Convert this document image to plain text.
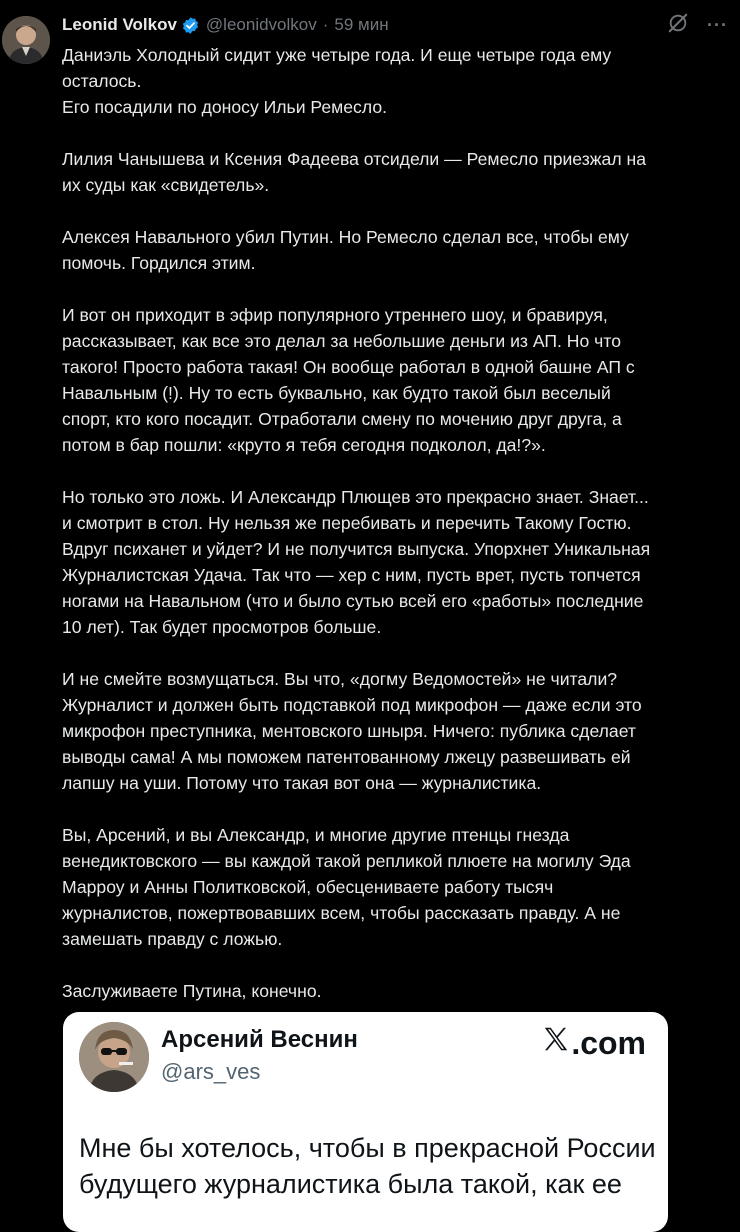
Leonid Volkov @leonidvolkov · 59 мин	···

Даниэль Холодный сидит уже четыре года. И еще четыре года ему
осталось.
Его посадили по доносу Ильи Ремесло.

Лилия Чанышева и Ксения Фадеева отсидели — Ремесло приезжал на
их суды как «свидетель».

Алексея Навального убил Путин. Но Ремесло сделал все, чтобы ему
помочь. Гордился этим.

И вот он приходит в эфир популярного утреннего шоу, и бравируя,
рассказывает, как все это делал за небольшие деньги из АП. Но что
такого! Просто работа такая! Он вообще работал в одной башне АП с
Навальным (!). Ну то есть буквально, как будто такой был веселый
спорт, кто кого посадит. Отработали смену по мочению друг друга, а
потом в бар пошли: «круто я тебя сегодня подколол, да!?».

Но только это ложь. И Александр Плющев это прекрасно знает. Знает...
и смотрит в стол. Ну нельзя же перебивать и перечить Такому Гостю.
Вдруг психанет и уйдет? И не получится выпуска. Упорхнет Уникальная
Журналистская Удача. Так что — хер с ним, пусть врет, пусть топчется
ногами на Навальном (что и было сутью всей его «работы» последние
10 лет). Так будет просмотров больше.

И не смейте возмущаться. Вы что, «догму Ведомостей» не читали?
Журналист и должен быть подставкой под микрофон — даже если это
микрофон преступника, ментовского шныря. Ничего: публика сделает
выводы сама! А мы поможем патентованному лжецу развешивать ей
лапшу на уши. Потому что такая вот она — журналистика.

Вы, Арсений, и вы Александр, и многие другие птенцы гнезда
венедиктовского — вы каждой такой репликой плюете на могилу Эда
Марроу и Анны Политковской, обесцениваете работу тысяч
журналистов, пожертвовавших всем, чтобы рассказать правду. А не
замешать правду с ложью.

Заслуживаете Путина, конечно.

Арсений Веснин
@ars_ves
.com
Мне бы хотелось, чтобы в прекрасной России
будущего журналистика была такой, как ее
